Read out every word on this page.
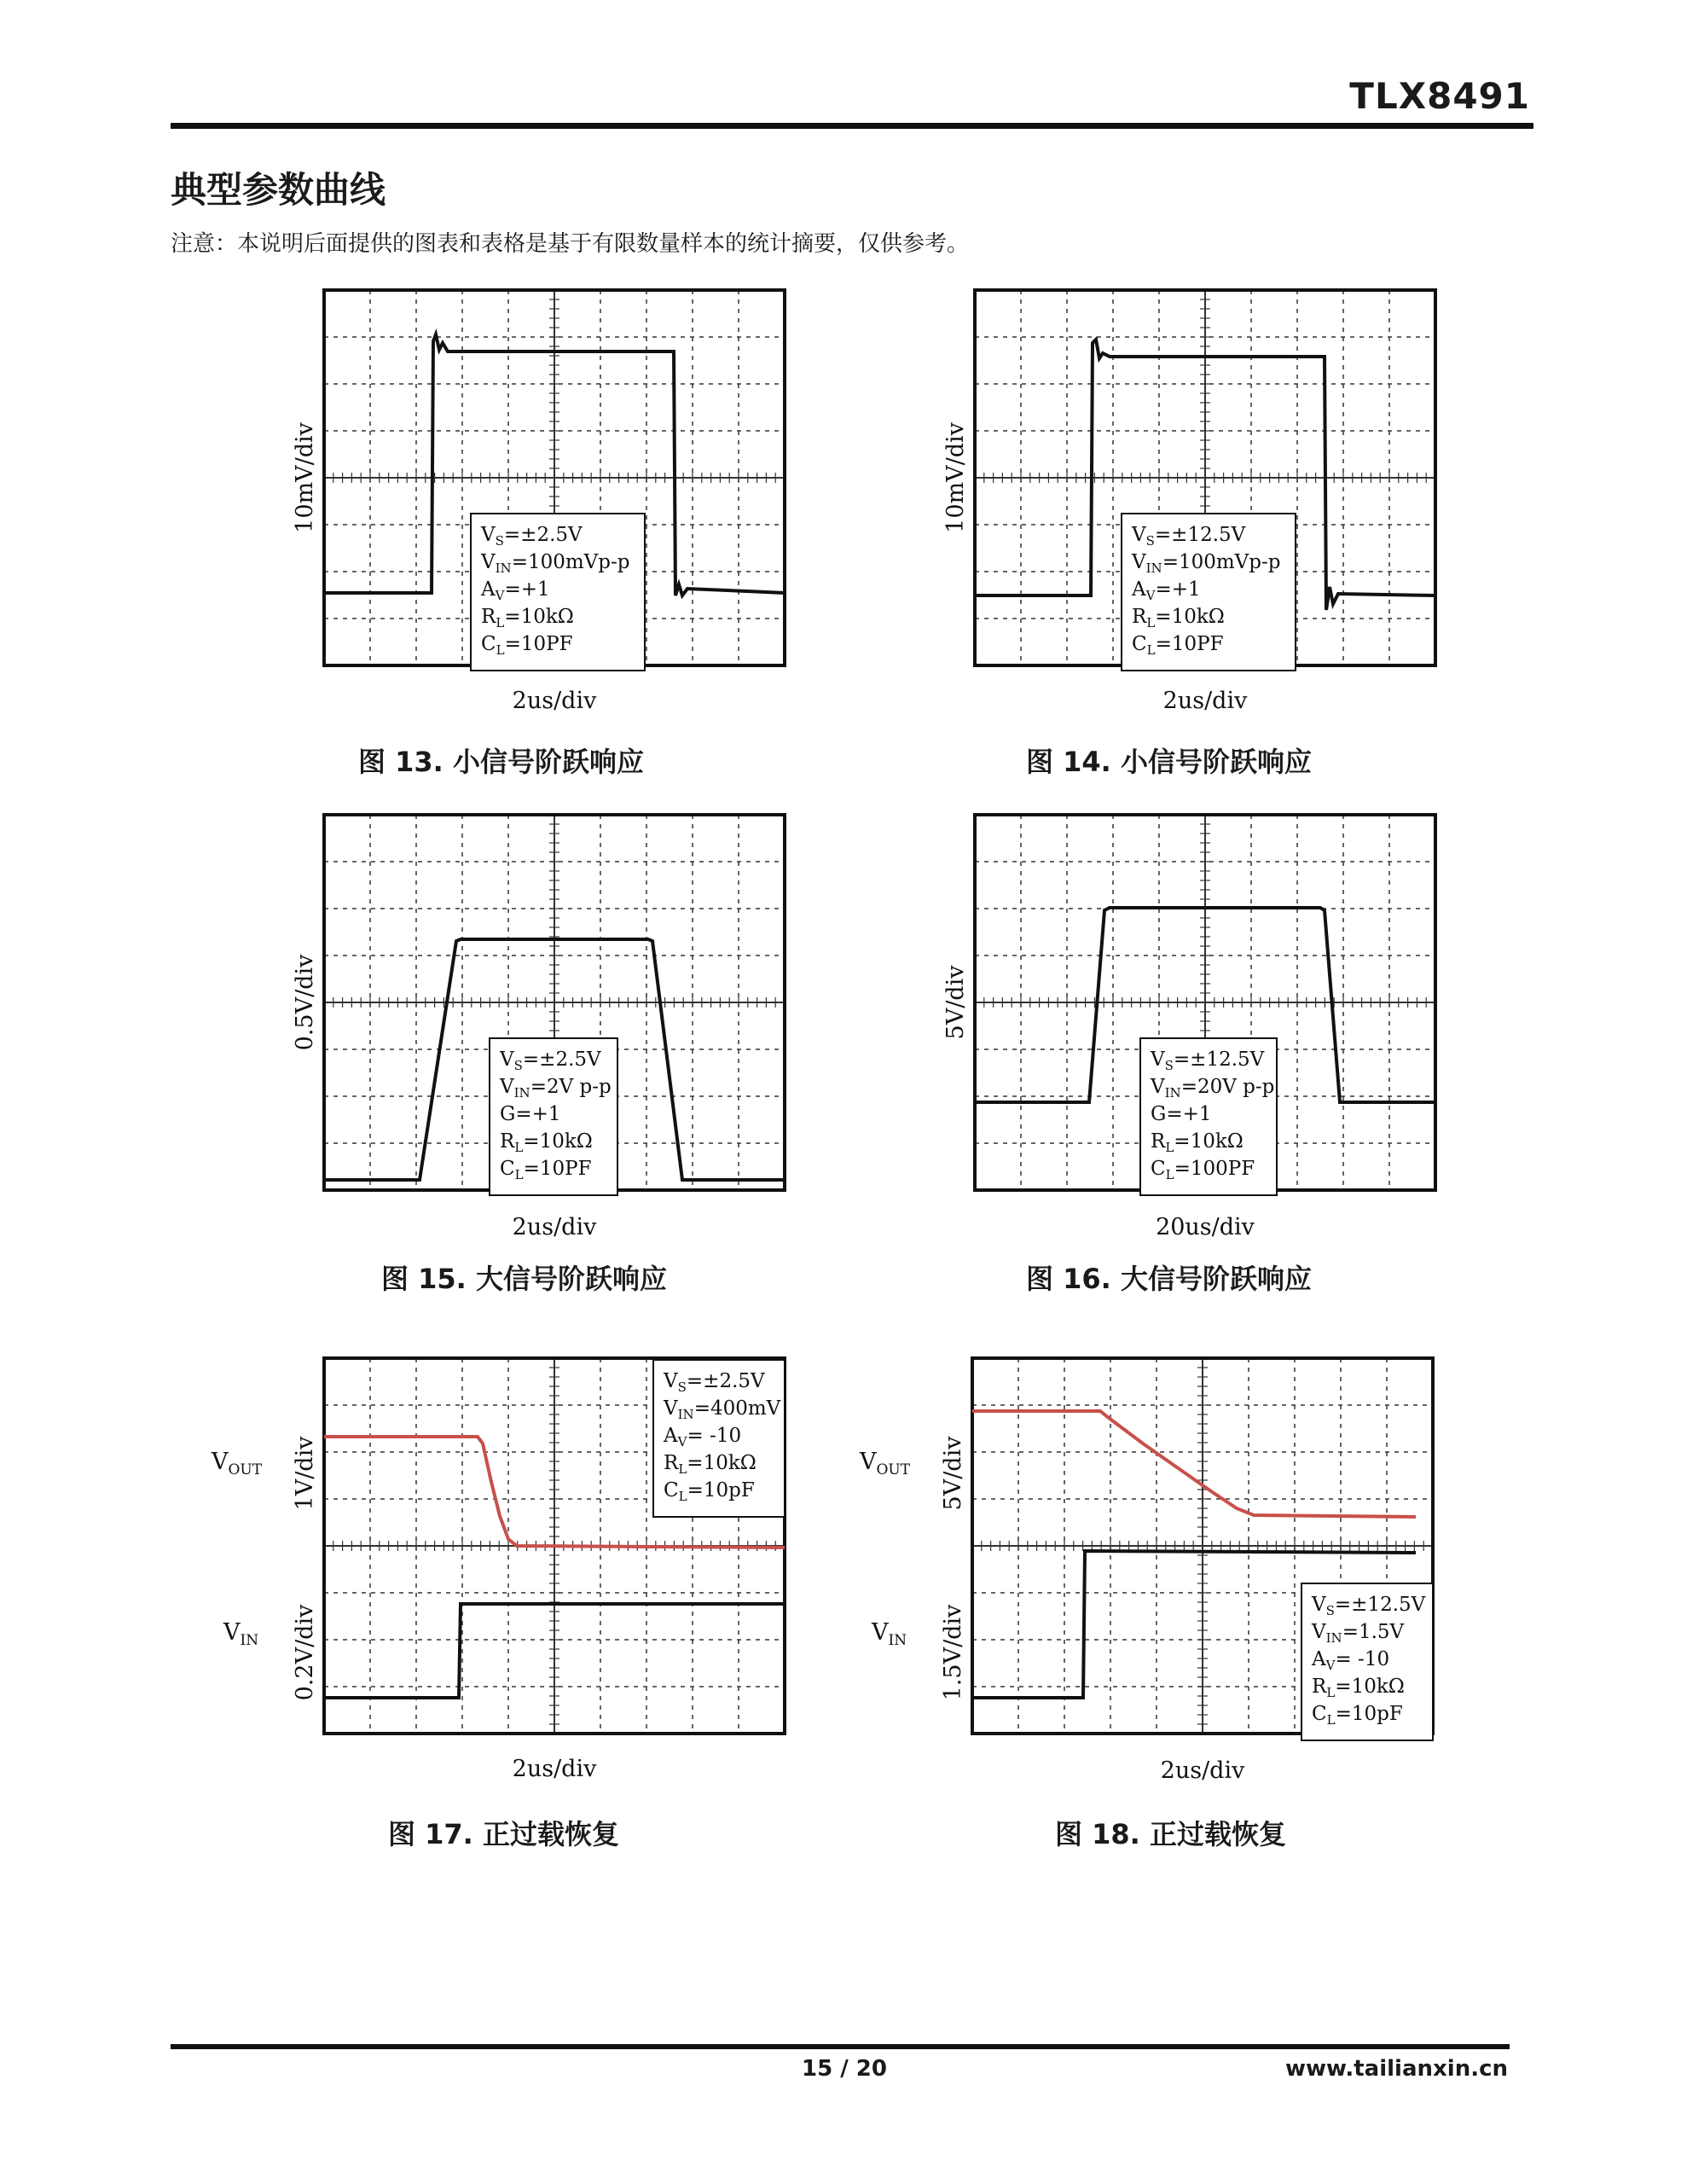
TLX8491
典型参数曲线
注意：本说明后面提供的图表和表格是基于有限数量样本的统计摘要，仅供参考。
10mV/div
2us/div
$V_S=\pm 2.5V$
$V_{IN}=100mVp-p$
$A_V=+1$
$R_L=10k\Omega$
$C_L=10PF$
图 13. 小信号阶跃响应
10mV/div
2us/div
$V_S=\pm 12.5V$
$V_{IN}=100mVp-p$
$A_V=+1$
$R_L=10k\Omega$
$C_L=10PF$
图 14. 小信号阶跃响应
0.5V/div
2us/div
$V_S=\pm 2.5V$
$V_{IN}=2V$ p-p
G=+1
$R_L=10k\Omega$
$C_L=10PF$
图 15. 大信号阶跃响应
5V/div
20us/div
$V_S=\pm 12.5V$
$V_{IN}=20V$ p-p
G=+1
$R_L=10k\Omega$
$C_L=100PF$
图 16. 大信号阶跃响应
$V_{OUT}$
$V_{IN}$
1V/div
0.2V/div
2us/div
$V_S=\pm 2.5V$
$V_{IN}=400mV$
$A_V= -10$
$R_L=10k\Omega$
$C_L=10pF$
图 17. 正过载恢复
$V_{OUT}$
$V_{IN}$
5V/div
1.5V/div
2us/div
$V_S=\pm 12.5V$
$V_{IN}=1.5V$
$A_V= -10$
$R_L=10k\Omega$
$C_L=10pF$
图 18. 正过载恢复
15 / 20	www.tailianxin.cn
